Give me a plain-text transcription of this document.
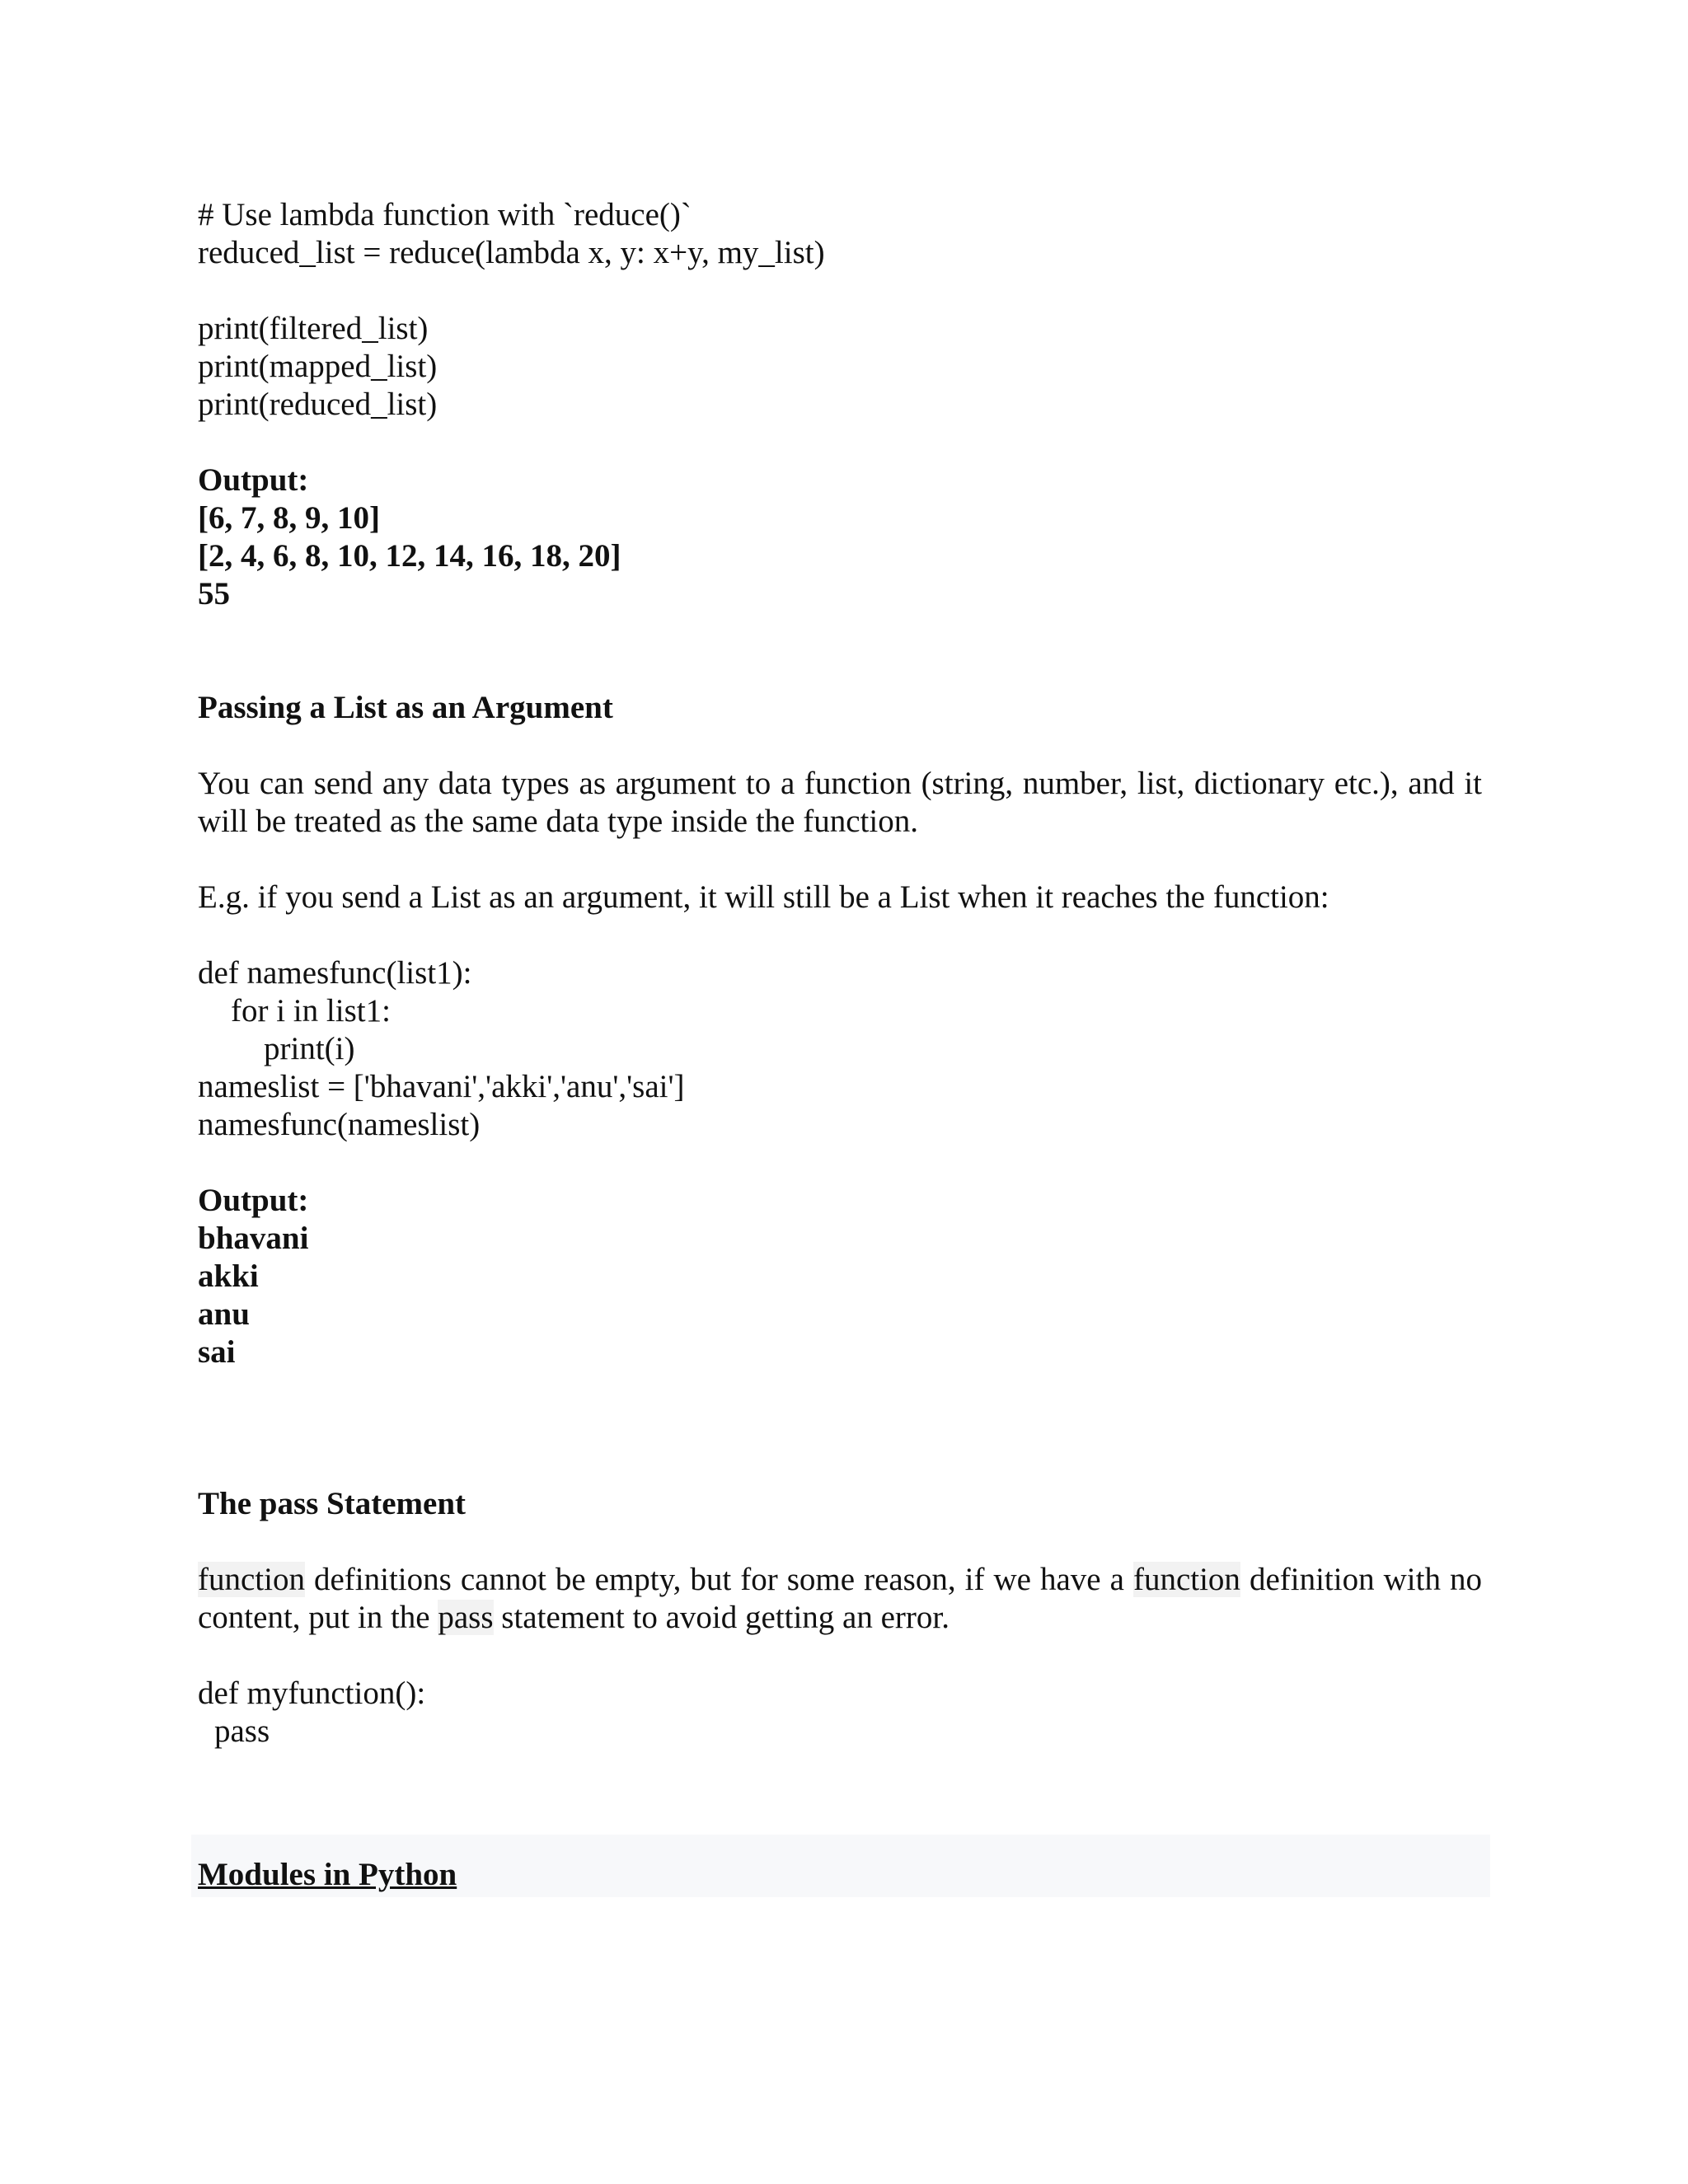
# Use lambda function with `reduce()`
reduced_list = reduce(lambda x, y: x+y, my_list)
print(filtered_list)
print(mapped_list)
print(reduced_list)
Output:
[6, 7, 8, 9, 10]
[2, 4, 6, 8, 10, 12, 14, 16, 18, 20]
55
Passing a List as an Argument
You can send any data types as argument to a function (string, number, list, dictionary etc.), and it will be treated as the same data type inside the function.
E.g. if you send a List as an argument, it will still be a List when it reaches the function:
def namesfunc(list1):
for i in list1:
print(i)
nameslist = ['bhavani','akki','anu','sai']
namesfunc(nameslist)
Output:
bhavani
akki
anu
sai
The pass Statement
function definitions cannot be empty, but for some reason, if we have a function definition with no content, put in the pass statement to avoid getting an error.
def myfunction():
pass
Modules in Python
